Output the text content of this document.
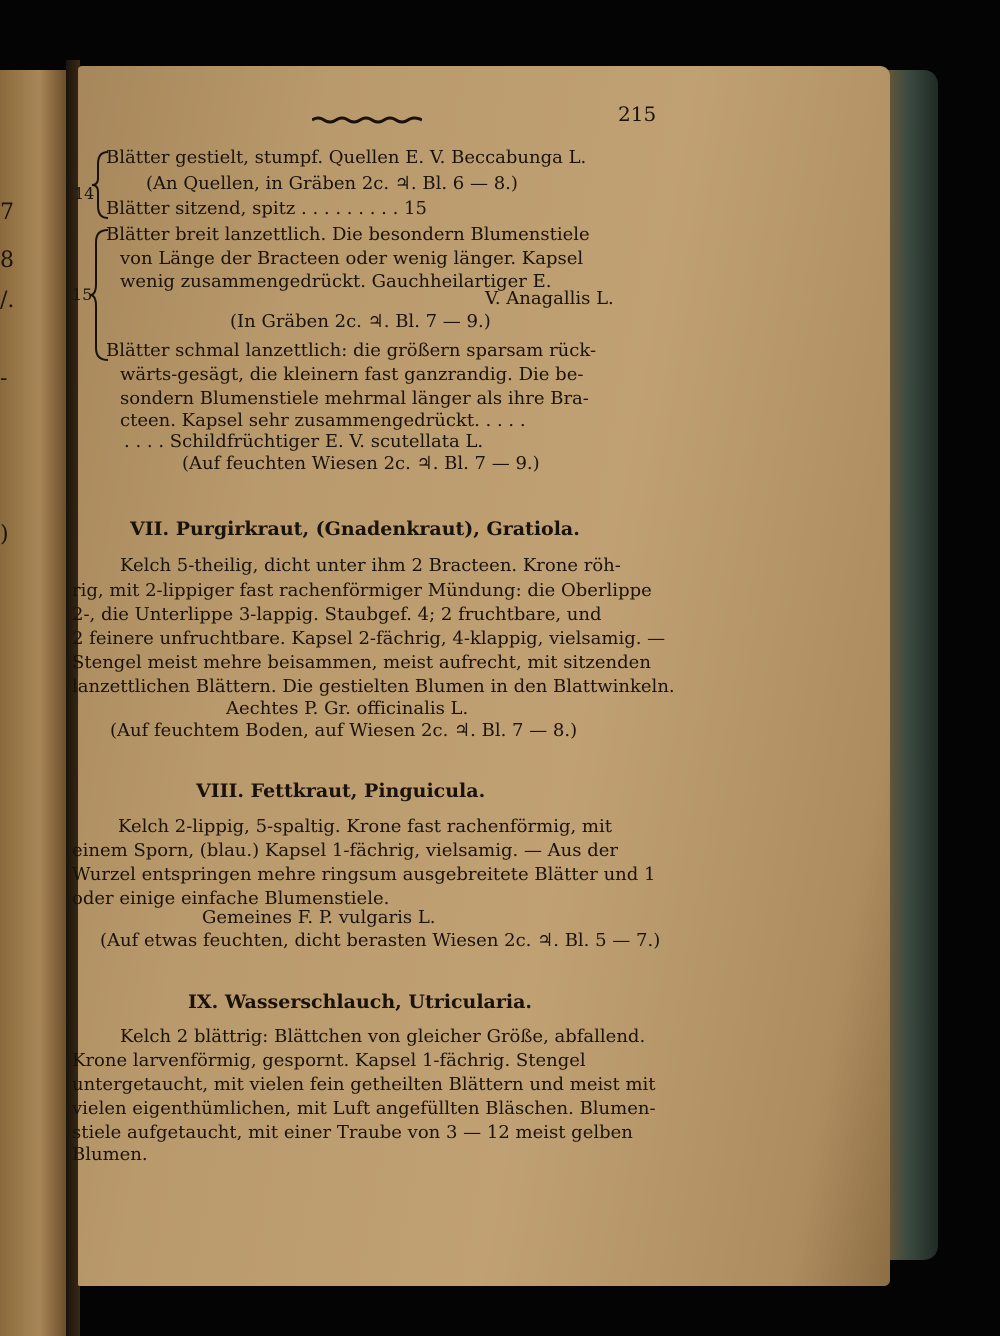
7
8
/.
-
)
215
Blätter gestielt, stumpf. Quellen E. V. Beccabunga L.
(An Quellen, in Gräben 2c. ♃. Bl. 6 — 8.)
14
Blätter sitzend, spitz . . . . . . . . . 15
Blätter breit lanzettlich. Die besondern Blumenstiele
von Länge der Bracteen oder wenig länger. Kapsel
wenig zusammengedrückt. Gauchheilartiger E.
15	V. Anagallis L.
(In Gräben 2c. ♃. Bl. 7 — 9.)
Blätter schmal lanzettlich: die größern sparsam rück-
wärts-gesägt, die kleinern fast ganzrandig. Die be-
sondern Blumenstiele mehrmal länger als ihre Bra-
cteen. Kapsel sehr zusammengedrückt. . . . .
. . . . Schildfrüchtiger E. V. scutellata L.
(Auf feuchten Wiesen 2c. ♃. Bl. 7 — 9.)
VII. Purgirkraut, (Gnadenkraut), Gratiola.
Kelch 5-theilig, dicht unter ihm 2 Bracteen. Krone röh-
rig, mit 2-lippiger fast rachenförmiger Mündung: die Oberlippe
2-, die Unterlippe 3-lappig. Staubgef. 4; 2 fruchtbare, und
2 feinere unfruchtbare. Kapsel 2-fächrig, 4-klappig, vielsamig. —
Stengel meist mehre beisammen, meist aufrecht, mit sitzenden
lanzettlichen Blättern. Die gestielten Blumen in den Blattwinkeln.
Aechtes P. Gr. officinalis L.
(Auf feuchtem Boden, auf Wiesen 2c. ♃. Bl. 7 — 8.)
VIII. Fettkraut, Pinguicula.
Kelch 2-lippig, 5-spaltig. Krone fast rachenförmig, mit
einem Sporn, (blau.) Kapsel 1-fächrig, vielsamig. — Aus der
Wurzel entspringen mehre ringsum ausgebreitete Blätter und 1
oder einige einfache Blumenstiele.
Gemeines F. P. vulgaris L.
(Auf etwas feuchten, dicht berasten Wiesen 2c. ♃. Bl. 5 — 7.)
IX. Wasserschlauch, Utricularia.
Kelch 2 blättrig: Blättchen von gleicher Größe, abfallend.
Krone larvenförmig, gespornt. Kapsel 1-fächrig. Stengel
untergetaucht, mit vielen fein getheilten Blättern und meist mit
vielen eigenthümlichen, mit Luft angefüllten Bläschen. Blumen-
stiele aufgetaucht, mit einer Traube von 3 — 12 meist gelben
Blumen.
